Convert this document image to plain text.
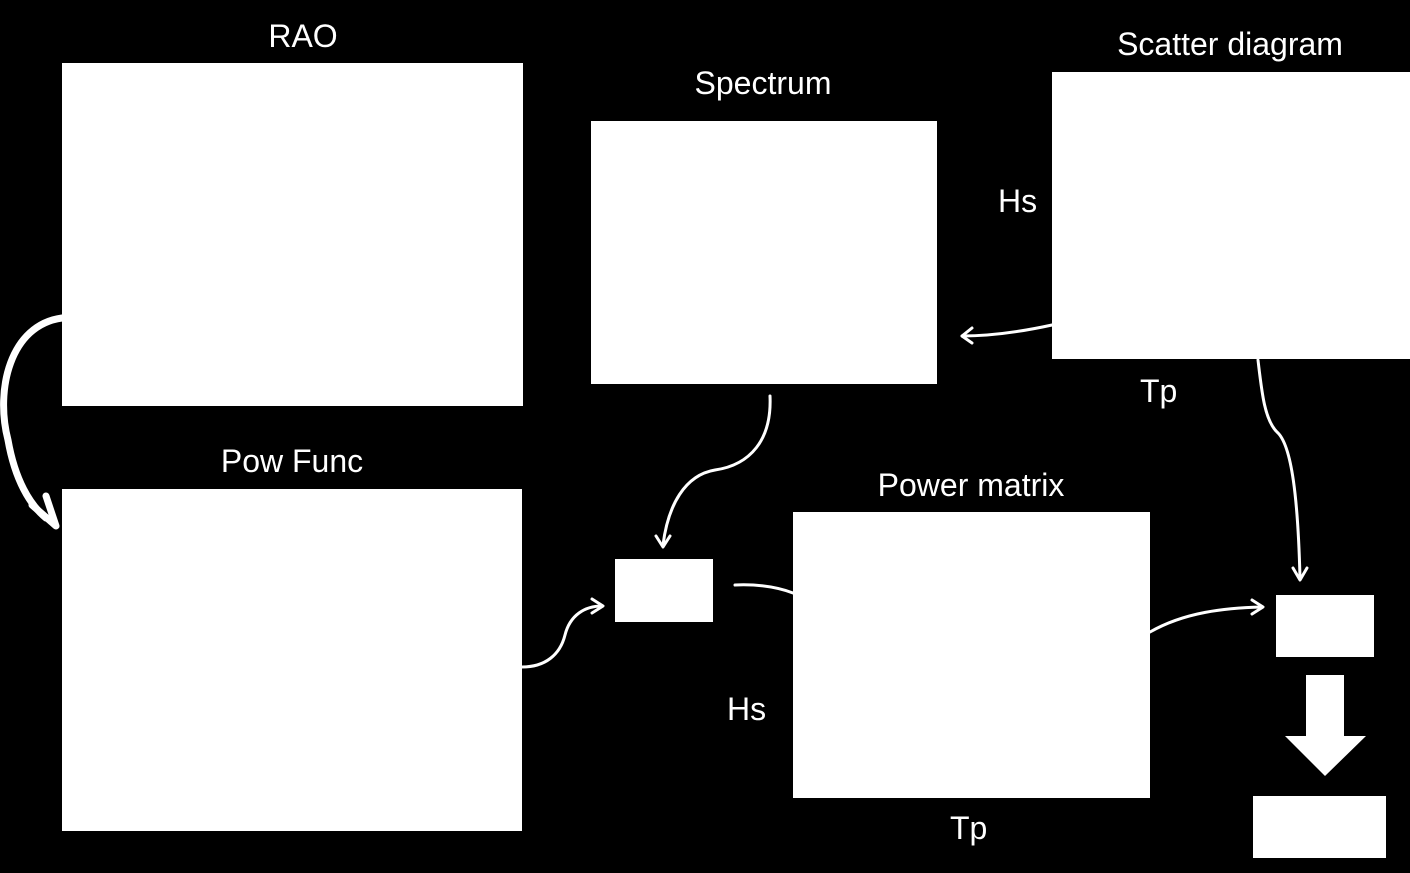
RAO	Scatter diagram
Spectrum
Pow Func
Power matrix
Hs
Tp
Hs
Tp
